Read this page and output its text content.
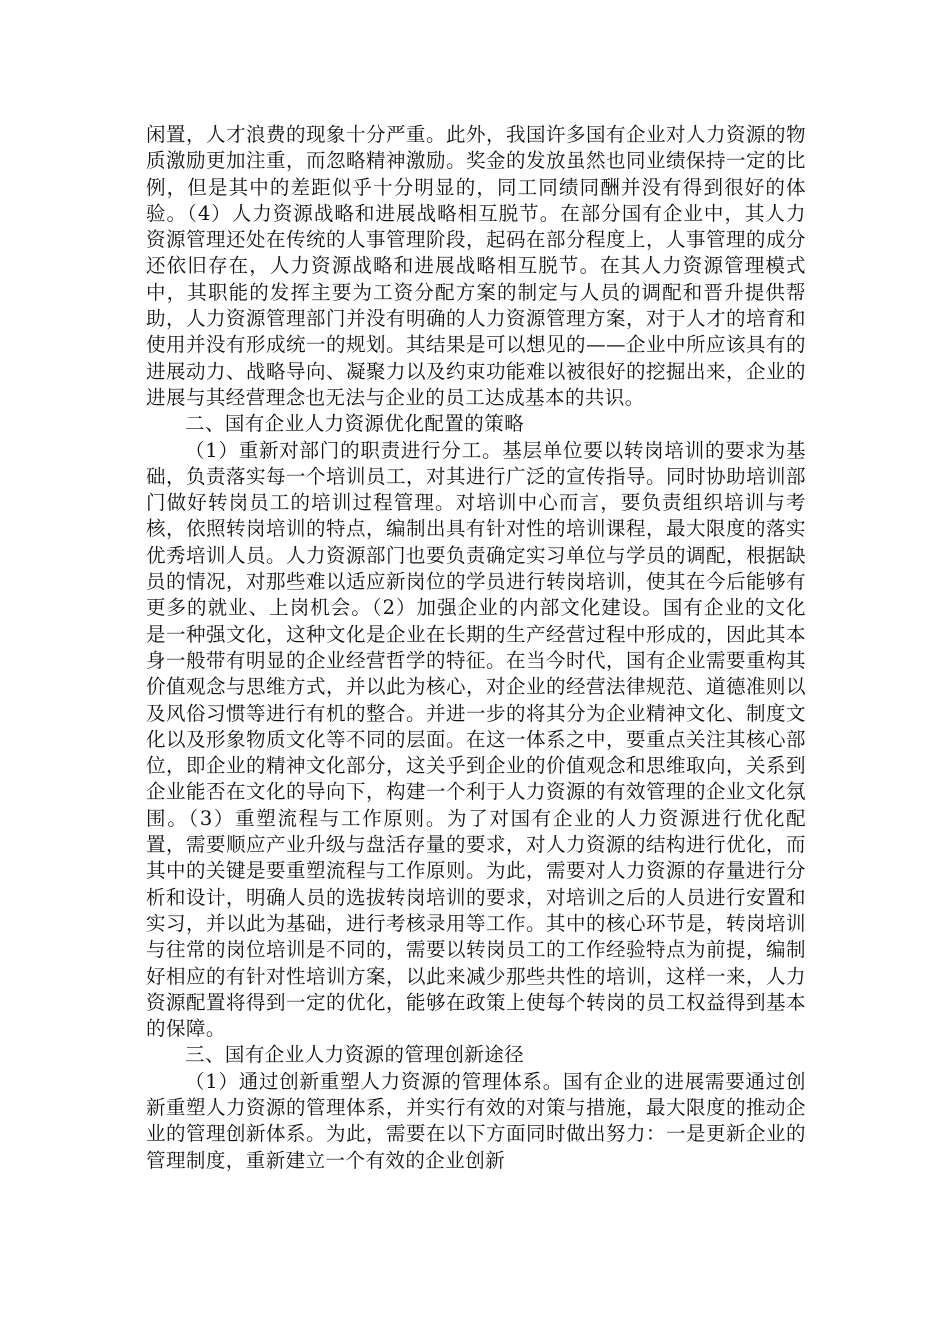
闲置，人才浪费的现象十分严重。此外，我国许多国有企业对人力资源的物质激励更加注重，而忽略精神激励。奖金的发放虽然也同业绩保持一定的比例，但是其中的差距似乎十分明显的，同工同绩同酬并没有得到很好的体验。（4）人力资源战略和进展战略相互脱节。在部分国有企业中，其人力资源管理还处在传统的人事管理阶段，起码在部分程度上，人事管理的成分还依旧存在，人力资源战略和进展战略相互脱节。在其人力资源管理模式中，其职能的发挥主要为工资分配方案的制定与人员的调配和晋升提供帮助，人力资源管理部门并没有明确的人力资源管理方案，对于人才的培育和使用并没有形成统一的规划。其结果是可以想见的——企业中所应该具有的进展动力、战略导向、凝聚力以及约束功能难以被很好的挖掘出来，企业的进展与其经营理念也无法与企业的员工达成基本的共识。

二、国有企业人力资源优化配置的策略

（1）重新对部门的职责进行分工。基层单位要以转岗培训的要求为基础，负责落实每一个培训员工，对其进行广泛的宣传指导。同时协助培训部门做好转岗员工的培训过程管理。对培训中心而言，要负责组织培训与考核，依照转岗培训的特点，编制出具有针对性的培训课程，最大限度的落实优秀培训人员。人力资源部门也要负责确定实习单位与学员的调配，根据缺员的情况，对那些难以适应新岗位的学员进行转岗培训，使其在今后能够有更多的就业、上岗机会。（2）加强企业的内部文化建设。国有企业的文化是一种强文化，这种文化是企业在长期的生产经营过程中形成的，因此其本身一般带有明显的企业经营哲学的特征。在当今时代，国有企业需要重构其价值观念与思维方式，并以此为核心，对企业的经营法律规范、道德准则以及风俗习惯等进行有机的整合。并进一步的将其分为企业精神文化、制度文化以及形象物质文化等不同的层面。在这一体系之中，要重点关注其核心部位，即企业的精神文化部分，这关乎到企业的价值观念和思维取向，关系到企业能否在文化的导向下，构建一个利于人力资源的有效管理的企业文化氛围。（3）重塑流程与工作原则。为了对国有企业的人力资源进行优化配置，需要顺应产业升级与盘活存量的要求，对人力资源的结构进行优化，而其中的关键是要重塑流程与工作原则。为此，需要对人力资源的存量进行分析和设计，明确人员的选拔转岗培训的要求，对培训之后的人员进行安置和实习，并以此为基础，进行考核录用等工作。其中的核心环节是，转岗培训与往常的岗位培训是不同的，需要以转岗员工的工作经验特点为前提，编制好相应的有针对性培训方案，以此来减少那些共性的培训，这样一来，人力资源配置将得到一定的优化，能够在政策上使每个转岗的员工权益得到基本的保障。

三、国有企业人力资源的管理创新途径

（1）通过创新重塑人力资源的管理体系。国有企业的进展需要通过创新重塑人力资源的管理体系，并实行有效的对策与措施，最大限度的推动企业的管理创新体系。为此，需要在以下方面同时做出努力：一是更新企业的管理制度，重新建立一个有效的企业创新
